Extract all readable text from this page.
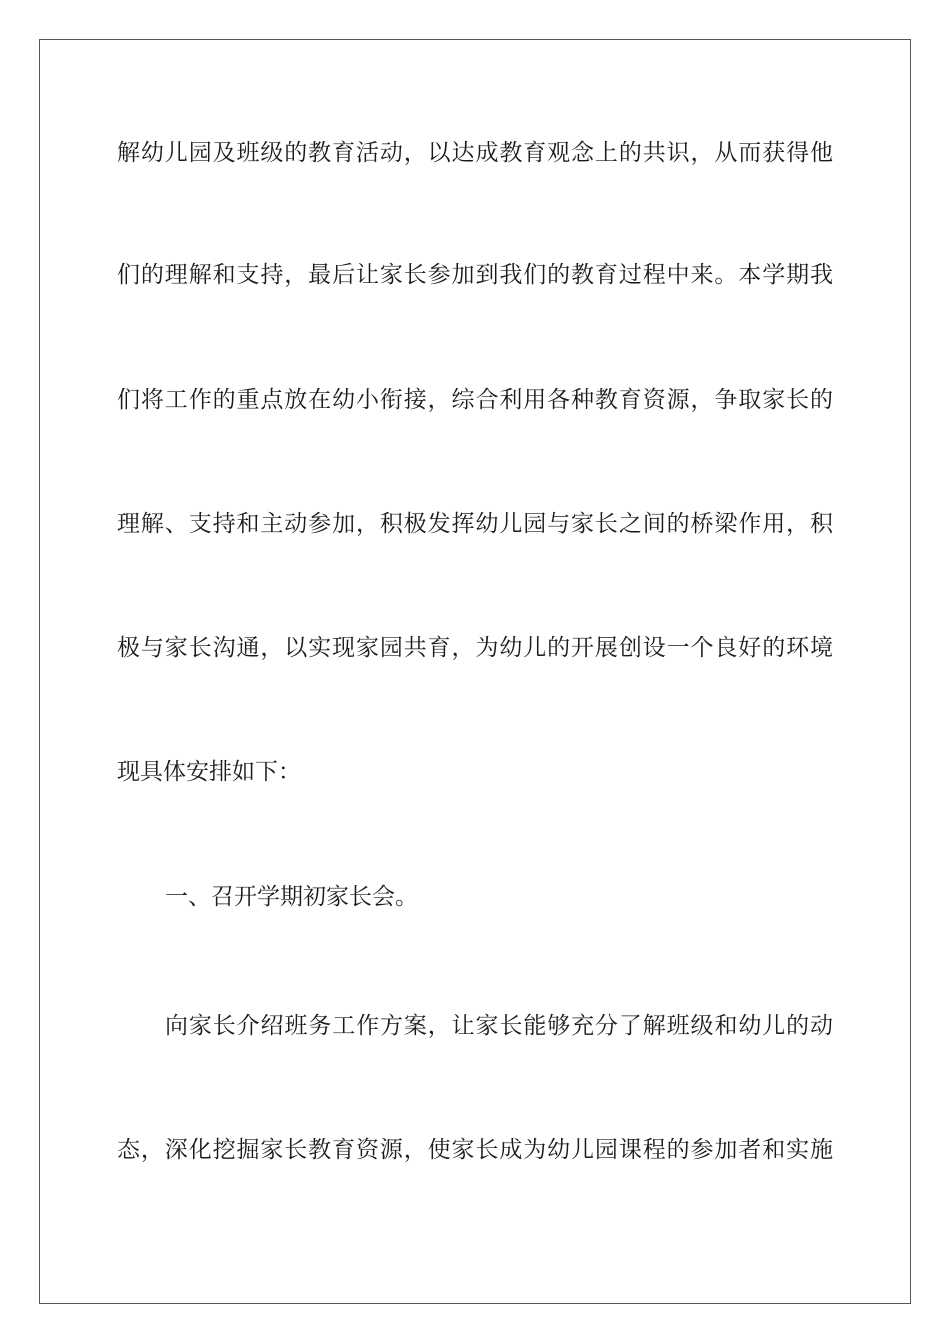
解幼儿园及班级的教育活动，以达成教育观念上的共识，从而获得他
们的理解和支持，最后让家长参加到我们的教育过程中来。本学期我
们将工作的重点放在幼小衔接，综合利用各种教育资源，争取家长的
理解、支持和主动参加，积极发挥幼儿园与家长之间的桥梁作用，积
极与家长沟通，以实现家园共育，为幼儿的开展创设一个良好的环境
现具体安排如下：
一、召开学期初家长会。
向家长介绍班务工作方案，让家长能够充分了解班级和幼儿的动
态，深化挖掘家长教育资源，使家长成为幼儿园课程的参加者和实施
